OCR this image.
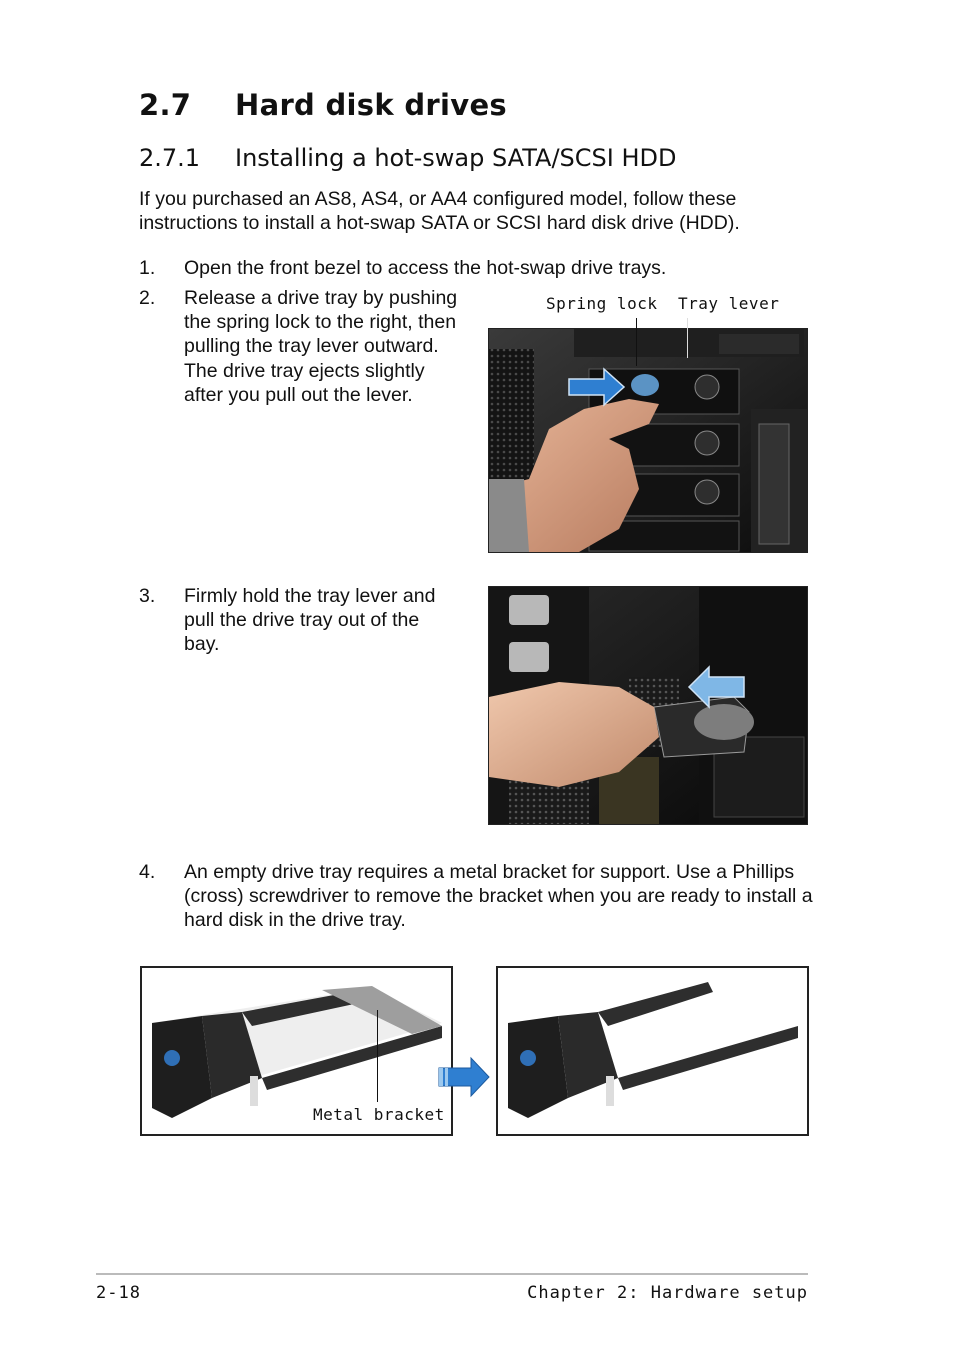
2.7 Hard disk drives
2.7.1 Installing a hot-swap SATA/SCSI HDD
If you purchased an AS8, AS4, or AA4 configured model, follow these instructions to install a hot-swap SATA or SCSI hard disk drive (HDD).
1. Open the front bezel to access the hot-swap drive trays.
2. Release a drive tray by pushing the spring lock to the right, then pulling the tray lever outward. The drive tray ejects slightly after you pull out the lever.
Spring lock Tray lever
3. Firmly hold the tray lever and pull the drive tray out of the bay.
4. An empty drive tray requires a metal bracket for support. Use a Phillips (cross) screwdriver to remove the bracket when you are ready to install a hard disk in the drive tray.
Metal bracket
2-18	Chapter 2: Hardware setup
